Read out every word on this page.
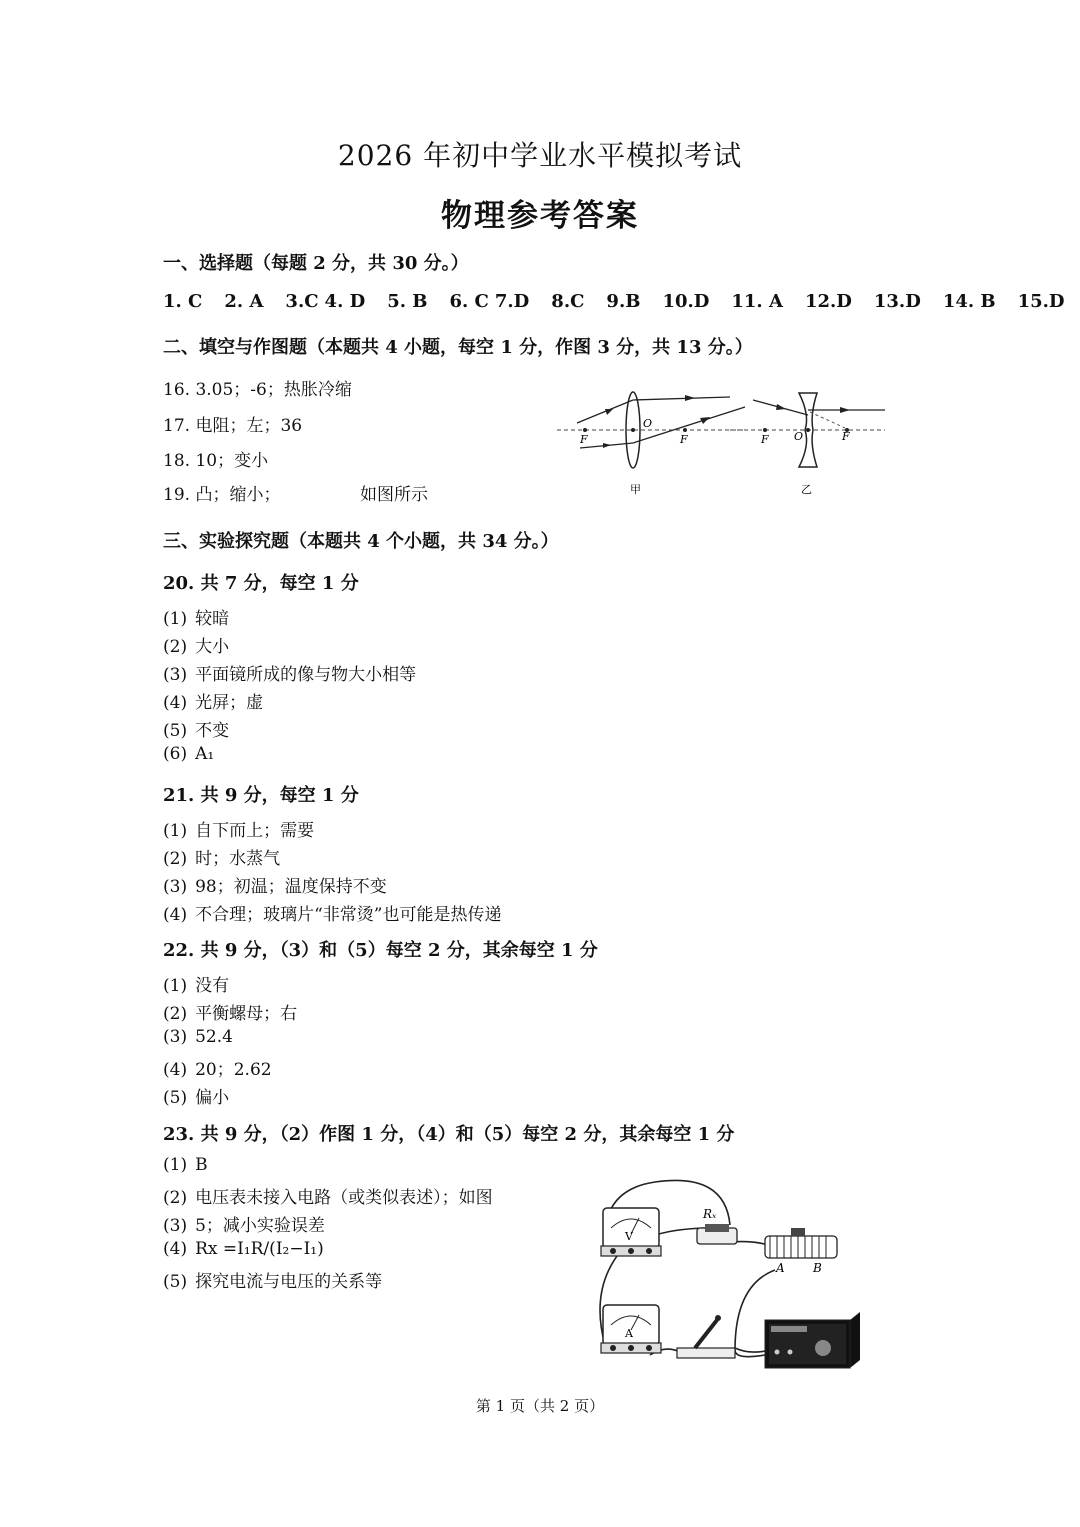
2026 年初中学业水平模拟考试
物理参考答案
一、选择题（每题 2 分，共 30 分。）
1. C 2. A 3.C 4. D 5. B 6. C 7.D 8.C 9.B 10.D 11. A 12.D 13.D 14. B 15.D
二、填空与作图题（本题共 4 小题，每空 1 分，作图 3 分，共 13 分。）
16. 3.05；-6；热胀冷缩
17. 电阻；左；36
18. 10；变小
19. 凸；缩小；	如图所示
F
O
F
甲
F O	F
乙
三、实验探究题（本题共 4 个小题，共 34 分。）
20. 共 7 分，每空 1 分
(1) 较暗
(2) 大小
(3) 平面镜所成的像与物大小相等
(4) 光屏；虚
(5) 不变
(6) A₁
21. 共 9 分，每空 1 分
(1) 自下而上；需要
(2) 时；水蒸气
(3) 98；初温；温度保持不变
(4) 不合理；玻璃片“非常烫”也可能是热传递
22. 共 9 分，（3）和（5）每空 2 分，其余每空 1 分
(1) 没有
(2) 平衡螺母；右
(3) 52.4
(4) 20；2.62
(5) 偏小
23. 共 9 分，（2）作图 1 分，（4）和（5）每空 2 分，其余每空 1 分
(1) B
(2) 电压表未接入电路（或类似表述）；如图
(3) 5；减小实验误差
(4) Rx =I₁R/(I₂−I₁)
(5) 探究电流与电压的关系等
V
Rₓ
A B
A
第 1 页（共 2 页）
